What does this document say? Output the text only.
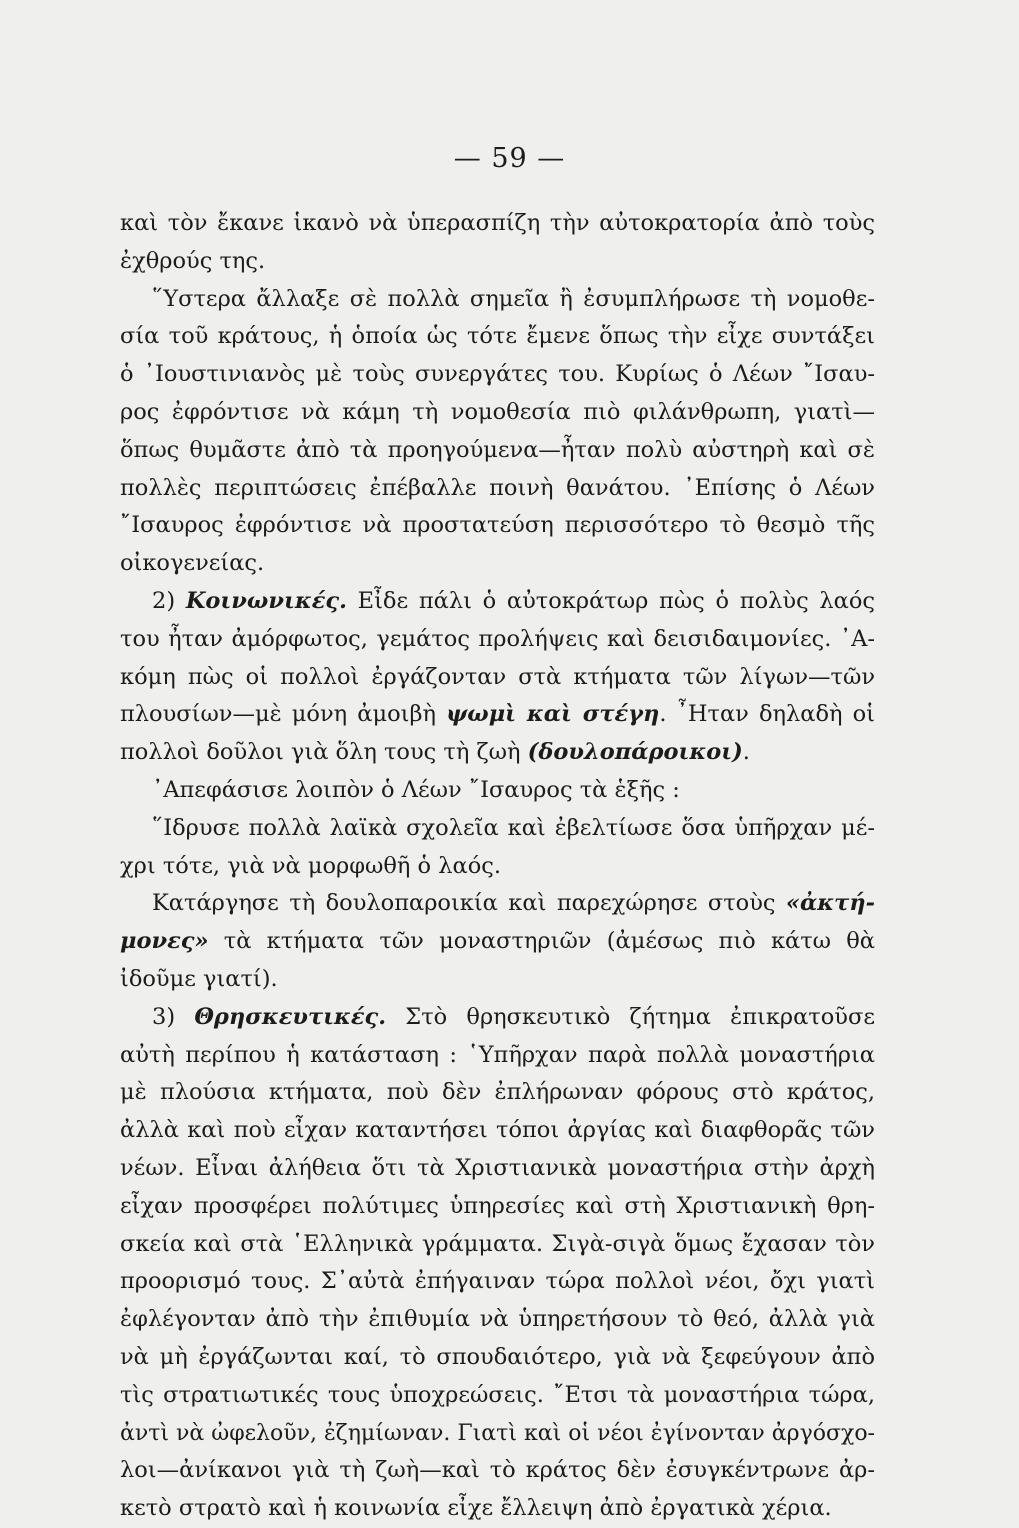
— 59 —
καὶ τὸν ἔκανε ἱκανὸ νὰ ὑπερασπίζη τὴν αὐτοκρατορία ἀπὸ τοὺς
ἐχθρούς της.
῞Υστερα ἄλλαξε σὲ πολλὰ σημεῖα ἢ ἐσυμπλήρωσε τὴ νομοθε-
σία τοῦ κράτους, ἡ ὁποία ὡς τότε ἔμενε ὅπως τὴν εἶχε συντάξει
ὁ ᾽Ιουστινιανὸς μὲ τοὺς συνεργάτες του. Κυρίως ὁ Λέων ῎Ισαυ-
ρος ἐφρόντισε νὰ κάμη τὴ νομοθεσία πιὸ φιλάνθρωπη, γιατὶ—
ὅπως θυμᾶστε ἀπὸ τὰ προηγούμενα—ἦταν πολὺ αὐστηρὴ καὶ σὲ
πολλὲς περιπτώσεις ἐπέβαλλε ποινὴ θανάτου. ᾽Επίσης ὁ Λέων
῎Ισαυρος ἐφρόντισε νὰ προστατεύση περισσότερο τὸ θεσμὸ τῆς
οἰκογενείας.
2) Κοινωνικές. Εἶδε πάλι ὁ αὐτοκράτωρ πὼς ὁ πολὺς λαός
του ἦταν ἀμόρφωτος, γεμάτος προλήψεις καὶ δεισιδαιμονίες. ᾽Α-
κόμη πὼς οἱ πολλοὶ ἐργάζονταν στὰ κτήματα τῶν λίγων—τῶν
πλουσίων—μὲ μόνη ἀμοιβὴ ψωμὶ καὶ στέγη. ῏Ηταν δηλαδὴ οἱ
πολλοὶ δοῦλοι γιὰ ὅλη τους τὴ ζωὴ (δουλοπάροικοι).
᾽Απεφάσισε λοιπὸν ὁ Λέων ῎Ισαυρος τὰ ἑξῆς :
῞Ιδρυσε πολλὰ λαϊκὰ σχολεῖα καὶ ἐβελτίωσε ὅσα ὑπῆρχαν μέ-
χρι τότε, γιὰ νὰ μορφωθῆ ὁ λαός.
Κατάργησε τὴ δουλοπαροικία καὶ παρεχώρησε στοὺς «ἀκτή-
μονες» τὰ κτήματα τῶν μοναστηριῶν (ἀμέσως πιὸ κάτω θὰ
ἰδοῦμε γιατί).
3) Θρησκευτικές. Στὸ θρησκευτικὸ ζήτημα ἐπικρατοῦσε
αὐτὴ περίπου ἡ κατάσταση : ῾Υπῆρχαν παρὰ πολλὰ μοναστήρια
μὲ πλούσια κτήματα, ποὺ δὲν ἐπλήρωναν φόρους στὸ κράτος,
ἀλλὰ καὶ ποὺ εἶχαν καταντήσει τόποι ἀργίας καὶ διαφθορᾶς τῶν
νέων. Εἶναι ἀλήθεια ὅτι τὰ Χριστιανικὰ μοναστήρια στὴν ἀρχὴ
εἶχαν προσφέρει πολύτιμες ὑπηρεσίες καὶ στὴ Χριστιανικὴ θρη-
σκεία καὶ στὰ ῾Ελληνικὰ γράμματα. Σιγὰ-σιγὰ ὅμως ἔχασαν τὸν
προορισμό τους. Σ᾽αὐτὰ ἐπήγαιναν τώρα πολλοὶ νέοι, ὄχι γιατὶ
ἐφλέγονταν ἀπὸ τὴν ἐπιθυμία νὰ ὑπηρετήσουν τὸ θεό, ἀλλὰ γιὰ
νὰ μὴ ἐργάζωνται καί, τὸ σπουδαιότερο, γιὰ νὰ ξεφεύγουν ἀπὸ
τὶς στρατιωτικές τους ὑποχρεώσεις. ῎Ετσι τὰ μοναστήρια τώρα,
ἀντὶ νὰ ὠφελοῦν, ἐζημίωναν. Γιατὶ καὶ οἱ νέοι ἐγίνονταν ἀργόσχο-
λοι—ἀνίκανοι γιὰ τὴ ζωὴ—καὶ τὸ κράτος δὲν ἐσυγκέντρωνε ἀρ-
κετὸ στρατὸ καὶ ἡ κοινωνία εἶχε ἔλλειψη ἀπὸ ἐργατικὰ χέρια.
